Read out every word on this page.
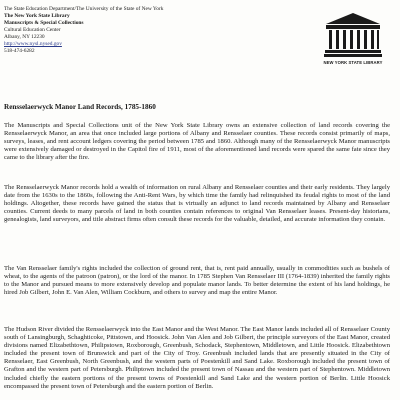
The State Education Department/The University of the State of New York
The New York State Library
Manuscripts & Special Collections
Cultural Education Center
Albany, NY 12230
http://www.nysl.nysed.gov
518-474-6282
NEW YORK STATE LIBRARY
Rensselaerwyck Manor Land Records, 1785-1860

The Manuscripts and Special Collections unit of the New York State Library owns an extensive collection of land records covering the Rensselaerwyck Manor, an area that once included large portions of Albany and Rensselaer counties. These records consist primarily of maps, surveys, leases, and rent account ledgers covering the period between 1785 and 1860. Although many of the Rensselaerwyck Manor manuscripts were extensively damaged or destroyed in the Capitol fire of 1911, most of the aforementioned land records were spared the same fate since they came to the library after the fire.

The Rensselaerwyck Manor records hold a wealth of information on rural Albany and Rensselaer counties and their early residents. They largely date from the 1630s to the 1860s, following the Anti-Rent Wars, by which time the family had relinquished its feudal rights to most of the land holdings. Altogether, these records have gained the status that is virtually an adjunct to land records maintained by Albany and Rensselaer counties. Current deeds to many parcels of land in both counties contain references to original Van Rensselaer leases. Present-day historians, genealogists, land surveyors, and title abstract firms often consult these records for the valuable, detailed, and accurate information they contain.

The Van Rensselaer family's rights included the collection of ground rent, that is, rent paid annually, usually in commodities such as bushels of wheat, to the agents of the patroon (patron), or the lord of the manor. In 1785 Stephen Van Rensselaer III (1764-1839) inherited the family rights to the Manor and pursued means to more extensively develop and populate manor lands. To better determine the extent of his land holdings, he hired Job Gilbert, John E. Van Alen, William Cockburn, and others to survey and map the entire Manor.

The Hudson River divided the Rensselaerwyck into the East Manor and the West Manor. The East Manor lands included all of Rensselaer County south of Lansingburgh, Schaghticoke, Pittstown, and Hoosick. John Van Alen and Job Gilbert, the principle surveyors of the East Manor, created divisions named Elizabethtown, Philipstown, Roxborough, Greenbush, Schodack, Stephentown, Middletown, and Little Hoosick. Elizabethtown included the present town of Brunswick and part of the City of Troy. Greenbush included lands that are presently situated in the City of Rensselaer, East Greenbush, North Greenbush, and the western parts of Poestenkill and Sand Lake. Roxborough included the present town of Grafton and the western part of Petersburgh. Philiptown included the present town of Nassau and the western part of Stephentown. Middletown included chiefly the eastern portions of the present towns of Poestenkill and Sand Lake and the western portion of Berlin. Little Hoosick encompassed the present town of Petersburgh and the eastern portion of Berlin.
